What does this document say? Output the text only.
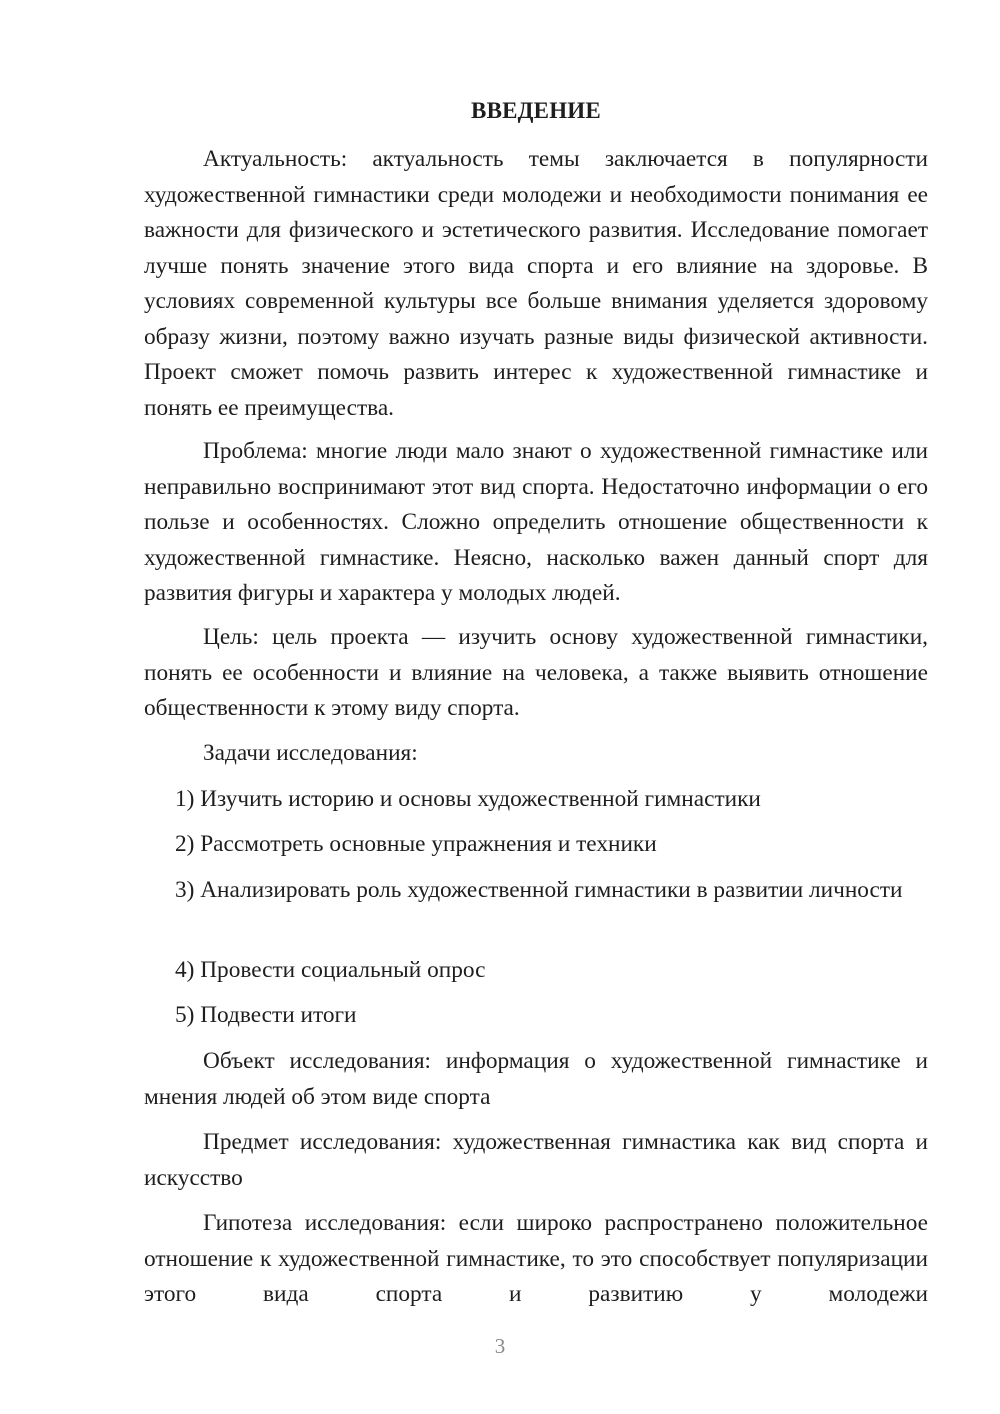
ВВЕДЕНИЕ

Актуальность: актуальность темы заключается в популярности художественной гимнастики среди молодежи и необходимости понимания ее важности для физического и эстетического развития. Исследование помогает лучше понять значение этого вида спорта и его влияние на здоровье. В условиях современной культуры все больше внимания уделяется здоровому образу жизни, поэтому важно изучать разные виды физической активности. Проект сможет помочь развить интерес к художественной гимнастике и понять ее преимущества.

Проблема: многие люди мало знают о художественной гимнастике или неправильно воспринимают этот вид спорта. Недостаточно информации о его пользе и особенностях. Сложно определить отношение общественности к художественной гимнастике. Неясно, насколько важен данный спорт для развития фигуры и характера у молодых людей.

Цель: цель проекта — изучить основу художественной гимнастики, понять ее особенности и влияние на человека, а также выявить отношение общественности к этому виду спорта.

Задачи исследования:

1) Изучить историю и основы художественной гимнастики

2) Рассмотреть основные упражнения и техники

3) Анализировать роль художественной гимнастики в развитии личности

4) Провести социальный опрос

5) Подвести итоги

Объект исследования: информация о художественной гимнастике и мнения людей об этом виде спорта

Предмет исследования: художественная гимнастика как вид спорта и искусство

Гипотеза исследования: если широко распространено положительное отношение к художественной гимнастике, то это способствует популяризации этого вида спорта и развитию у молодежи

3
